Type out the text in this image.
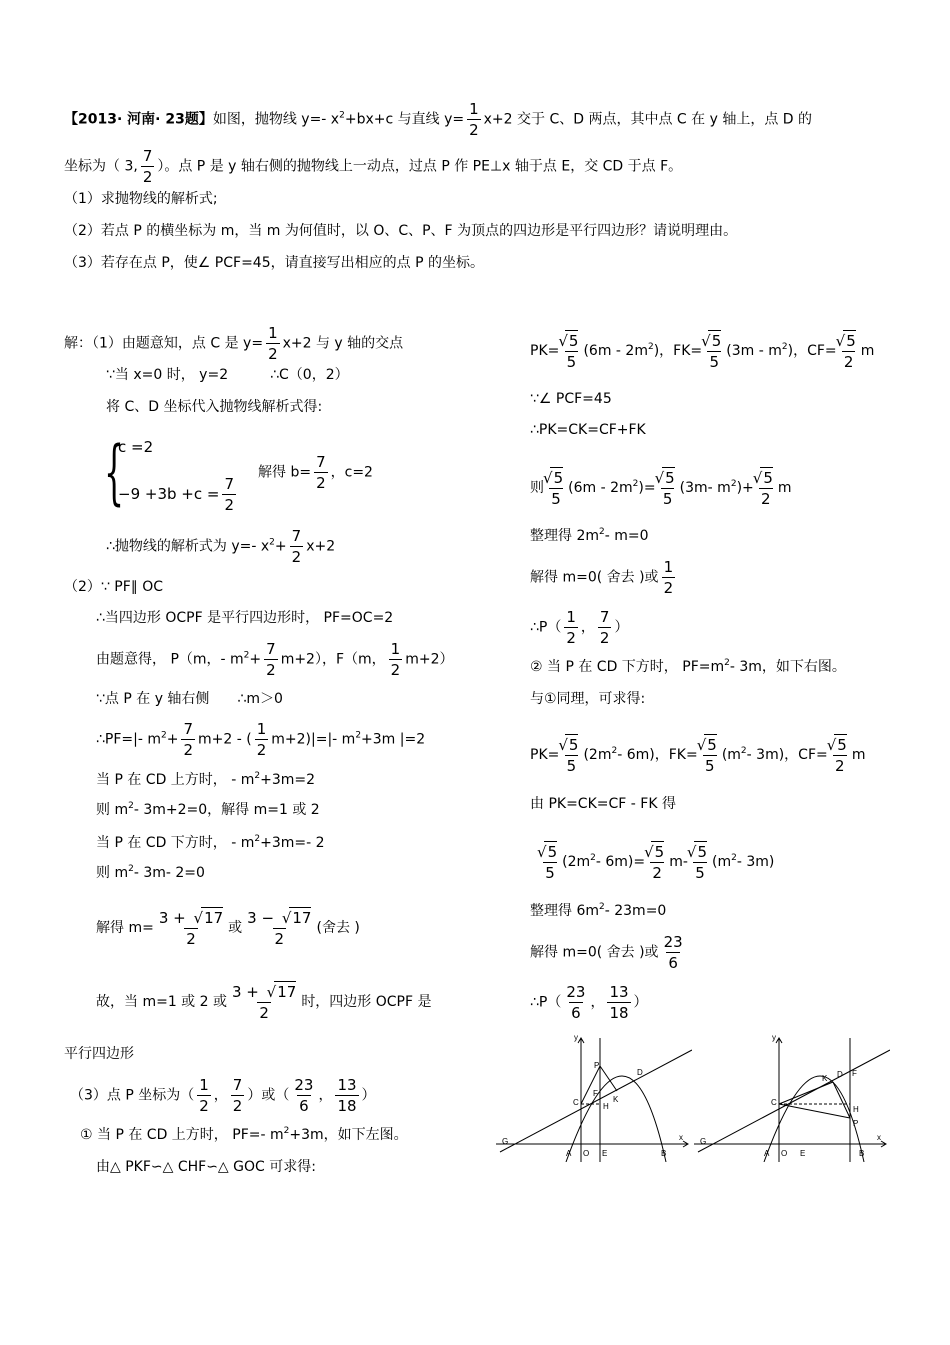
【2013· 河南· 23题】如图，抛物线 y=- $x^2+bx+c$ 与直线 $y= \frac{1}{2} x+2$ 交于 C、D 两点，其中点 C 在 y 轴上，点 D 的
坐标为（ 3, $\frac{7}{2}$ ）。点 P 是 y 轴右侧的抛物线上一动点，过点 P 作 PE⊥x 轴于点 E，交 CD 于点 F。
（1）求抛物线的解析式;
（2）若点 P 的横坐标为 m，当 m 为何值时，以 O、C、P、F 为顶点的四边形是平行四边形？请说明理由。
（3）若存在点 P，使∠ PCF=45，请直接写出相应的点 P 的坐标。
解：（1）由题意知，点 C 是 $y= \frac{1}{2} x+2$ 与 y 轴的交点
∵当 x=0 时， y=2　　　∴C（0，2）
将 C、D 坐标代入抛物线解析式得:
{
c =2
$-9 +3b +c = \frac{7}{2}$
解得 $b= \frac{7}{2}$ ，c=2
∴抛物线的解析式为 y=- $x^2+ \frac{7}{2} x+2$
（2）∵ PF∥ OC
∴当四边形 OCPF 是平行四边形时， PF=OC=2
由题意得， P（m，- $m^2+ \frac{7}{2} m+2$），F（m， $\frac{1}{2} m+2$）
∵点 P 在 y 轴右侧　　∴m＞0
∴PF=|- $m^2+ \frac{7}{2} m+2$ - ( $\frac{1}{2} m+2)|=|-$ $m^2+3m$ |=2
当 P 在 CD 上方时， - $m^2+3m=2$
则 $m^2-$ 3m+2=0，解得 m=1 或 2
当 P 在 CD 下方时， - $m^2+3m=-$ 2
则 $m^2-$ 3m- 2=0
解得 $m= \frac{3 + √ 17}{2}$ 或 $\frac{3 - √ 17}{2}$ (舍去 )
故，当 m=1 或 2 或 $\frac{3 + √ 17}{2}$ 时，四边形 OCPF 是
平行四边形
（3）点 P 坐标为（ $\frac{1}{2}$ ， $\frac{7}{2}$ ）或（ $\frac{23}{6}$ ， $\frac{13}{18}$ ）
① 当 P 在 CD 上方时， PF=- $m^2+3m$，如下左图。
由△ PKF∽△ CHF∽△ GOC 可求得:
PK= √ $\frac{5}{5} (6m - 2m^2)$，FK= √ $\frac{5}{5} (3m - m^2)$，CF= √ $\frac{5}{2}$ m
∵∠ PCF=45
∴PK=CK=CF+FK
则 √ $\frac{5}{5} (6m - 2m^2)=$ √ $\frac{5}{5} (3m-$ $m^2)+$ √ $\frac{5}{2}$ m
整理得 $2m^2-$ m=0
解得 m=0( 舍去 )或 $\frac{1}{2}$
∴P（ $\frac{1}{2}$ ， $\frac{7}{2}$ ）
② 当 P 在 CD 下方时， $PF=m^2-$ 3m，如下右图。
与①同理，可求得:
PK= √ $\frac{5}{5} (2m^2-$ 6m)，FK= √ $\frac{5}{5} (m^2-$ 3m)，CF= √ $\frac{5}{2}$ m
由 PK=CK=CF - FK 得
√ $\frac{5}{5} (2m^2-$ 6m)= √ $\frac{5}{2} m-$ √ $\frac{5}{5} (m^2-$ 3m)
整理得 $6m^2-$ 23m=0
解得 m=0( 舍去 )或 $\frac{23}{6}$
∴P（ $\frac{23}{6}$ ， $\frac{13}{18}$ ）
y
x
P
D
C
F
H
K
G
A O E	B
y
x
K D F
C
H
P
G
A O E	B
